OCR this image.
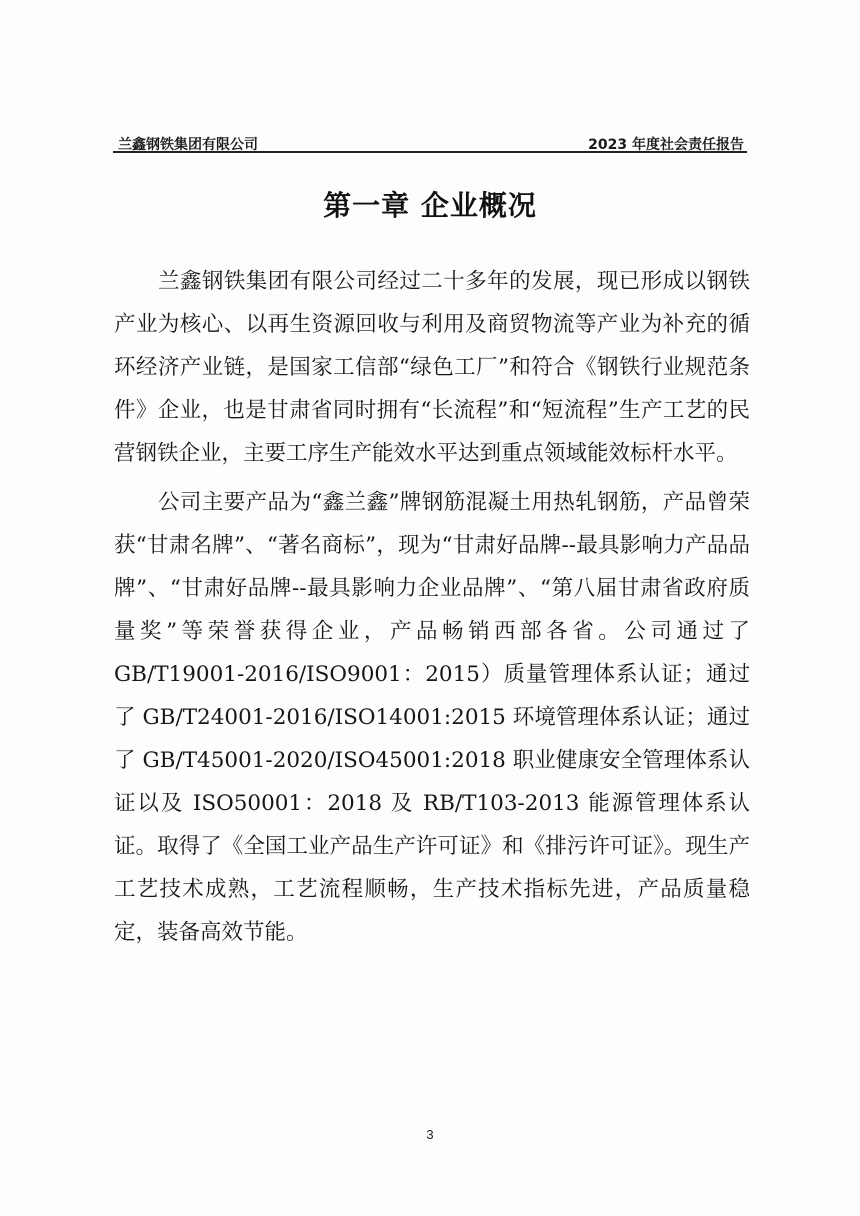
兰鑫钢铁集团有限公司	2023 年度社会责任报告
第一章 企业概况

兰鑫钢铁集团有限公司经过二十多年的发展，现已形成以钢铁产业为核心、以再生资源回收与利用及商贸物流等产业为补充的循环经济产业链，是国家工信部“绿色工厂”和符合《钢铁行业规范条件》企业，也是甘肃省同时拥有“长流程”和“短流程”生产工艺的民营钢铁企业，主要工序生产能效水平达到重点领域能效标杆水平。

公司主要产品为“鑫兰鑫”牌钢筋混凝土用热轧钢筋，产品曾荣获“甘肃名牌”、“著名商标”，现为“甘肃好品牌--最具影响力产品品牌”、“甘肃好品牌--最具影响力企业品牌”、“第八届甘肃省政府质量奖”等荣誉获得企业，产品畅销西部各省。公司通过了 GB/T19001-2016/ISO9001：2015）质量管理体系认证；通过了 GB/T24001-2016/ISO14001:2015 环境管理体系认证；通过了 GB/T45001-2020/ISO45001:2018 职业健康安全管理体系认证以及 ISO50001：2018 及 RB/T103-2013 能源管理体系认证。取得了《全国工业产品生产许可证》和《排污许可证》。现生产工艺技术成熟，工艺流程顺畅，生产技术指标先进，产品质量稳定，装备高效节能。

3
